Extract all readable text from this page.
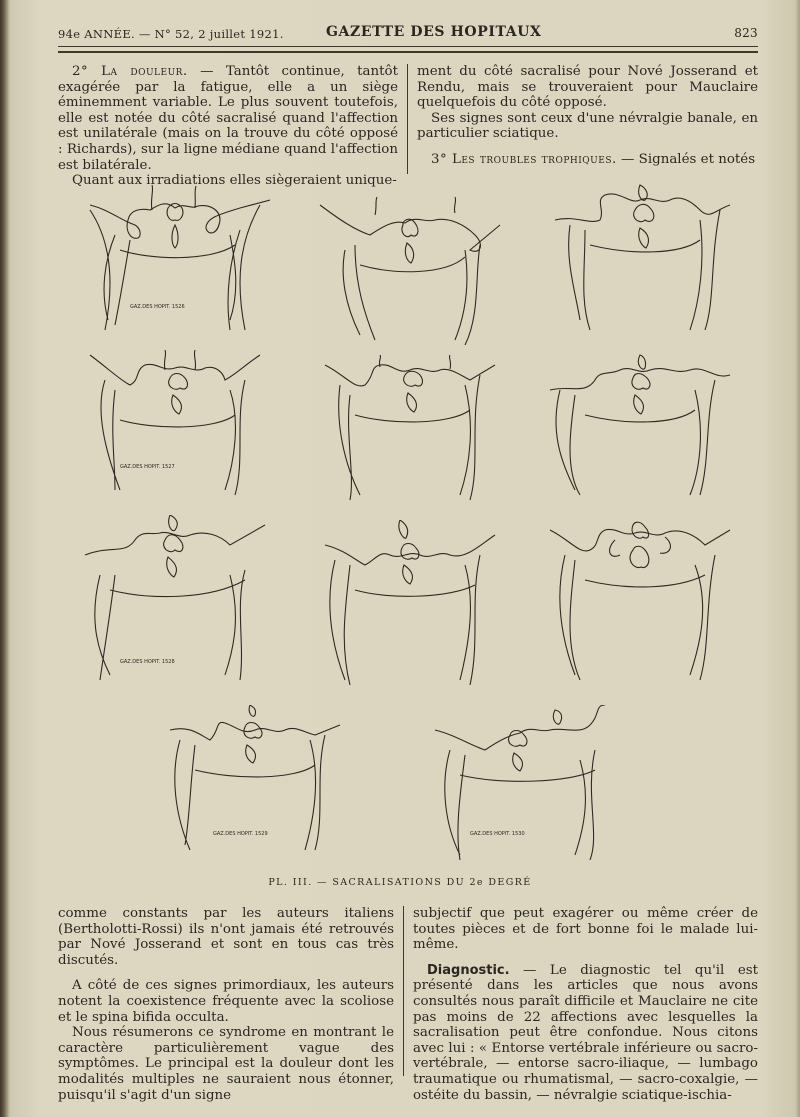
94e ANNÉE. — N° 52, 2 juillet 1921.	GAZETTE DES HOPITAUX	823

2° La douleur. — Tantôt continue, tantôt exagérée par la fatigue, elle a un siège éminemment variable. Le plus souvent toutefois, elle est notée du côté sacralisé quand l'affection est unilatérale (mais on la trouve du côté opposé : Richards), sur la ligne médiane quand l'affection est bilatérale.

Quant aux irradiations elles siègeraient unique-

ment du côté sacralisé pour Nové Josserand et Rendu, mais se trouveraient pour Mauclaire quelquefois du côté opposé.

Ses signes sont ceux d'une névralgie banale, en particulier sciatique.

3° Les troubles trophiques. — Signalés et notés

GAZ.DES HOPIT. 1526
GAZ.DES HOPIT. 1527
GAZ.DES HOPIT. 1528
GAZ.DES HOPIT. 1529	GAZ.DES HOPIT. 1530
PL. III. — SACRALISATIONS DU 2e DEGRÉ

comme constants par les auteurs italiens (Bertholotti-Rossi) ils n'ont jamais été retrouvés par Nové Josserand et sont en tous cas très discutés.

A côté de ces signes primordiaux, les auteurs notent la coexistence fréquente avec la scoliose et le spina bifida occulta.

Nous résumerons ce syndrome en montrant le caractère particulièrement vague des symptômes. Le principal est la douleur dont les modalités multiples ne sauraient nous étonner, puisqu'il s'agit d'un signe

subjectif que peut exagérer ou même créer de toutes pièces et de fort bonne foi le malade lui-même.

Diagnostic. — Le diagnostic tel qu'il est présenté dans les articles que nous avons consultés nous paraît difficile et Mauclaire ne cite pas moins de 22 affections avec lesquelles la sacralisation peut être confondue. Nous citons avec lui : « Entorse vertébrale inférieure ou sacro-vertébrale, — entorse sacro-iliaque, — lumbago traumatique ou rhumatismal, — sacro-coxalgie, — ostéite du bassin, — névralgie sciatique-ischia-
